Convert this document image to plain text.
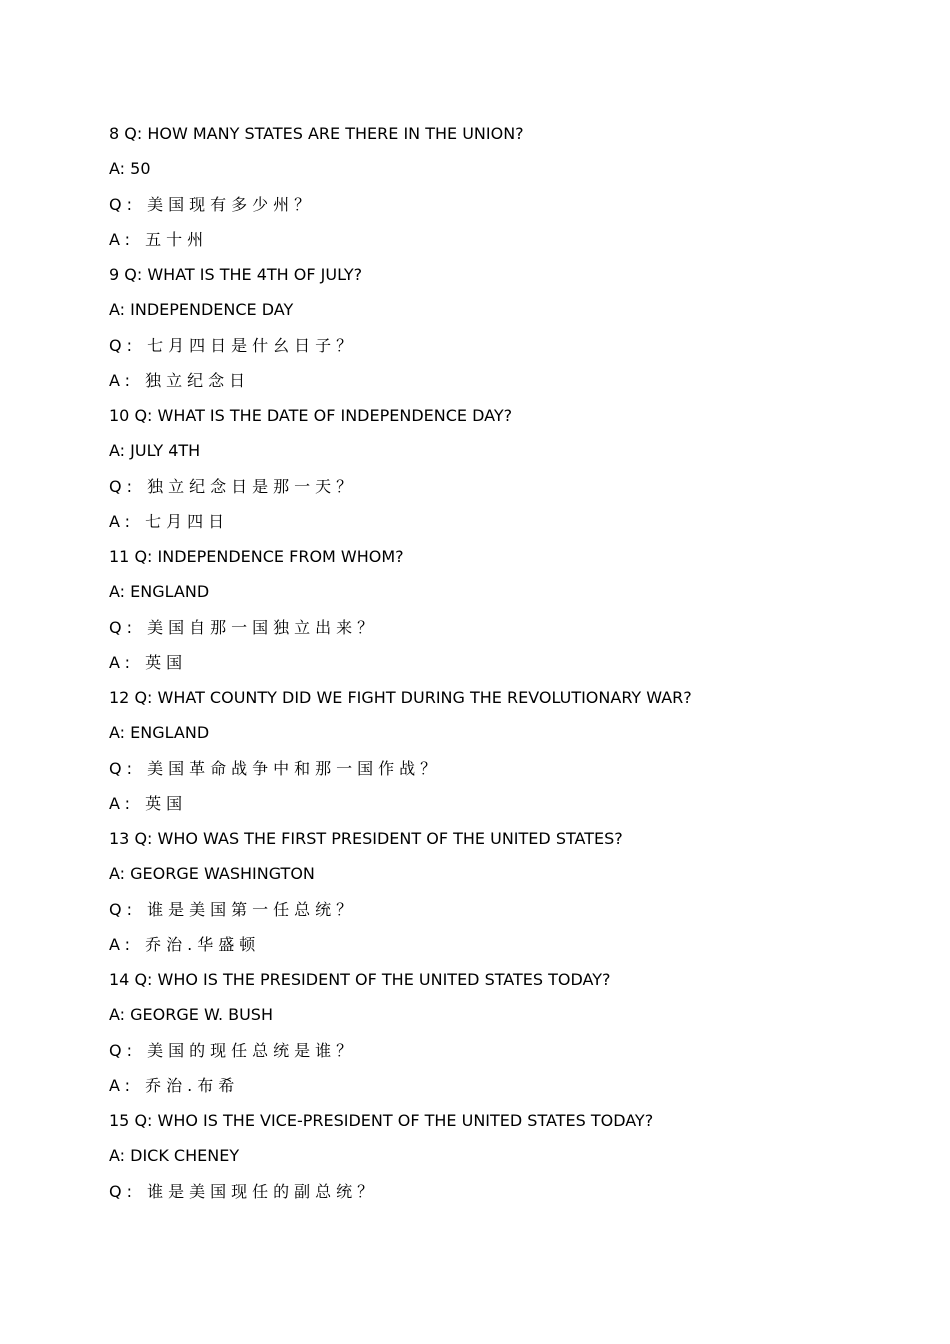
8 Q: HOW MANY STATES ARE THERE IN THE UNION?
A: 50
Q: 美国现有多少州？
A: 五十州
9 Q: WHAT IS THE 4TH OF JULY?
A: INDEPENDENCE DAY
Q: 七月四日是什幺日子？
A: 独立纪念日
10 Q: WHAT IS THE DATE OF INDEPENDENCE DAY?
A: JULY 4TH
Q: 独立纪念日是那一天？
A: 七月四日
11 Q: INDEPENDENCE FROM WHOM?
A: ENGLAND
Q: 美国自那一国独立出来？
A: 英国
12 Q: WHAT COUNTY DID WE FIGHT DURING THE REVOLUTIONARY WAR?
A: ENGLAND
Q: 美国革命战争中和那一国作战？
A: 英国
13 Q: WHO WAS THE FIRST PRESIDENT OF THE UNITED STATES?
A: GEORGE WASHINGTON
Q: 谁是美国第一任总统？
A: 乔治.华盛顿
14 Q: WHO IS THE PRESIDENT OF THE UNITED STATES TODAY?
A: GEORGE W. BUSH
Q: 美国的现任总统是谁？
A: 乔治.布希
15 Q: WHO IS THE VICE-PRESIDENT OF THE UNITED STATES TODAY?
A: DICK CHENEY
Q: 谁是美国现任的副总统？
